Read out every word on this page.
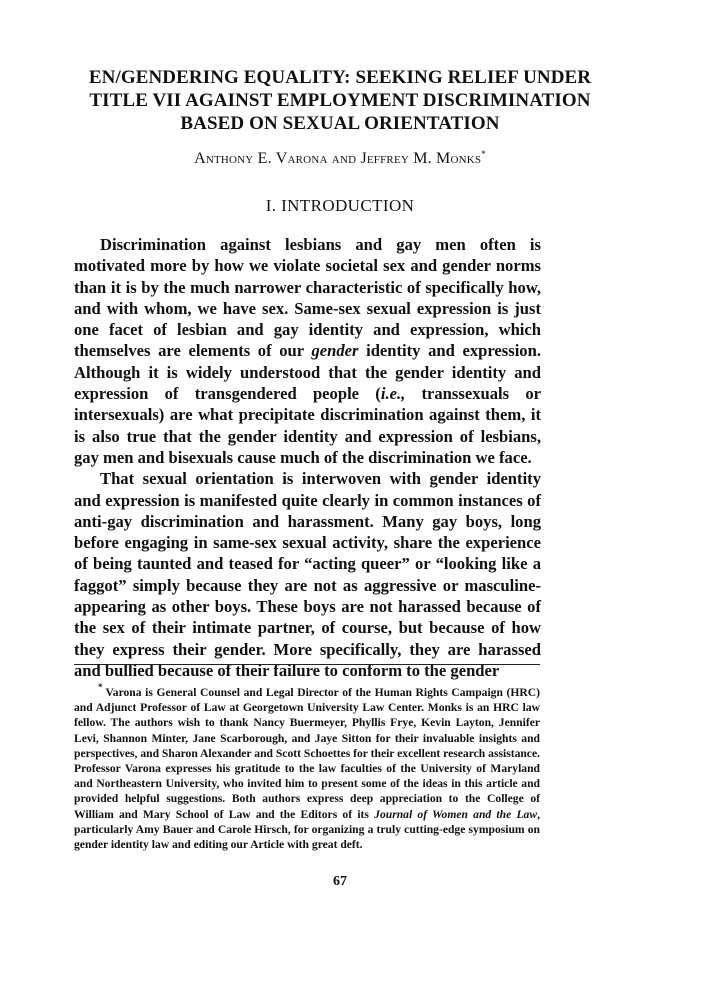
EN/GENDERING EQUALITY: SEEKING RELIEF UNDER
TITLE VII AGAINST EMPLOYMENT DISCRIMINATION
BASED ON SEXUAL ORIENTATION
Anthony E. Varona and Jeffrey M. Monks*
I. INTRODUCTION

Discrimination against lesbians and gay men often is motivated more by how we violate societal sex and gender norms than it is by the much narrower characteristic of specifically how, and with whom, we have sex. Same-sex sexual expression is just one facet of lesbian and gay identity and expression, which themselves are elements of our gender identity and expression. Although it is widely understood that the gender identity and expression of transgendered people (i.e., transsexuals or intersexuals) are what precipitate discrimination against them, it is also true that the gender identity and expression of lesbians, gay men and bisexuals cause much of the discrimination we face.

That sexual orientation is interwoven with gender identity and expression is manifested quite clearly in common instances of anti-gay discrimination and harassment. Many gay boys, long before engaging in same-sex sexual activity, share the experience of being taunted and teased for “acting queer” or “looking like a faggot” simply because they are not as aggressive or masculine-appearing as other boys. These boys are not harassed because of the sex of their intimate partner, of course, but because of how they express their gender. More specifically, they are harassed and bullied because of their failure to conform to the gender

* Varona is General Counsel and Legal Director of the Human Rights Campaign (HRC) and Adjunct Professor of Law at Georgetown University Law Center. Monks is an HRC law fellow. The authors wish to thank Nancy Buermeyer, Phyllis Frye, Kevin Layton, Jennifer Levi, Shannon Minter, Jane Scarborough, and Jaye Sitton for their invaluable insights and perspectives, and Sharon Alexander and Scott Schoettes for their excellent research assistance. Professor Varona expresses his gratitude to the law faculties of the University of Maryland and Northeastern University, who invited him to present some of the ideas in this article and provided helpful suggestions. Both authors express deep appreciation to the College of William and Mary School of Law and the Editors of its Journal of Women and the Law, particularly Amy Bauer and Carole Hirsch, for organizing a truly cutting-edge symposium on gender identity law and editing our Article with great deft.

67
